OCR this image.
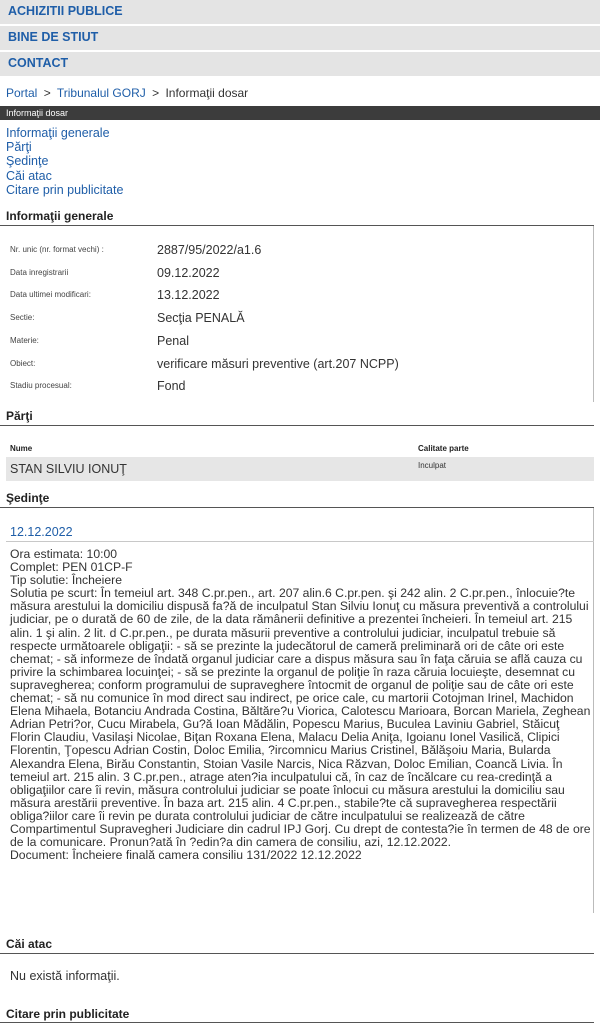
ACHIZITII PUBLICE
BINE DE STIUT
CONTACT
Portal > Tribunalul GORJ > Informaţii dosar
Informaţii dosar
Informaţii generale
Părţi
Şedinţe
Căi atac
Citare prin publicitate
Informaţii generale
Nr. unic (nr. format vechi) :	2887/95/2022/a1.6
Data inregistrarii	09.12.2022
Data ultimei modificari:	13.12.2022
Sectie:	Secţia PENALĂ
Materie:	Penal
Obiect:	verificare măsuri preventive (art.207 NCPP)
Stadiu procesual:	Fond
Părţi
Nume	Calitate parte
STAN SILVIU IONUŢ	Inculpat
Şedinţe
12.12.2022
Ora estimata: 10:00
Complet: PEN 01CP-F
Tip solutie: Încheiere
Solutia pe scurt: În temeiul art. 348 C.pr.pen., art. 207 alin.6 C.pr.pen. şi 242 alin. 2 C.pr.pen., înlocuie?te măsura arestului la domiciliu dispusă fa?ă de inculpatul Stan Silviu Ionuţ cu măsura preventivă a controlului judiciar, pe o durată de 60 de zile, de la data rămânerii definitive a prezentei încheieri. În temeiul art. 215 alin. 1 şi alin. 2 lit. d C.pr.pen., pe durata măsurii preventive a controlului judiciar, inculpatul trebuie să respecte următoarele obligaţii: - să se prezinte la judecătorul de cameră preliminară ori de câte ori este chemat; - să informeze de îndată organul judiciar care a dispus măsura sau în faţa căruia se află cauza cu privire la schimbarea locuinţei; - să se prezinte la organul de poliţie în raza căruia locuieşte, desemnat cu supravegherea; conform programului de supraveghere întocmit de organul de poliţie sau de câte ori este chemat; - să nu comunice în mod direct sau indirect, pe orice cale, cu martorii Cotojman Irinel, Machidon Elena Mihaela, Botanciu Andrada Costina, Băltăre?u Viorica, Calotescu Marioara, Borcan Mariela, Zeghean Adrian Petri?or, Cucu Mirabela, Gu?ă Ioan Mădălin, Popescu Marius, Buculea Laviniu Gabriel, Stăicuţ Florin Claudiu, Vasilaşi Nicolae, Biţan Roxana Elena, Malacu Delia Aniţa, Igoianu Ionel Vasilică, Clipici Florentin, Ţopescu Adrian Costin, Doloc Emilia, ?ircomnicu Marius Cristinel, Bălăşoiu Maria, Bularda Alexandra Elena, Birău Constantin, Stoian Vasile Narcis, Nica Răzvan, Doloc Emilian, Coancă Livia. În temeiul art. 215 alin. 3 C.pr.pen., atrage aten?ia inculpatului că, în caz de încălcare cu rea-credinţă a obligaţiilor care îi revin, măsura controlului judiciar se poate înlocui cu măsura arestului la domiciliu sau măsura arestării preventive. În baza art. 215 alin. 4 C.pr.pen., stabile?te că supravegherea respectării obliga?iilor care îi revin pe durata controlului judiciar de către inculpatului se realizează de către Compartimentul Supravegheri Judiciare din cadrul IPJ Gorj. Cu drept de contesta?ie în termen de 48 de ore de la comunicare. Pronun?ată în ?edin?a din camera de consiliu, azi, 12.12.2022.
Document: Încheiere finală camera consiliu 131/2022 12.12.2022
Căi atac
Nu există informaţii.
Citare prin publicitate
